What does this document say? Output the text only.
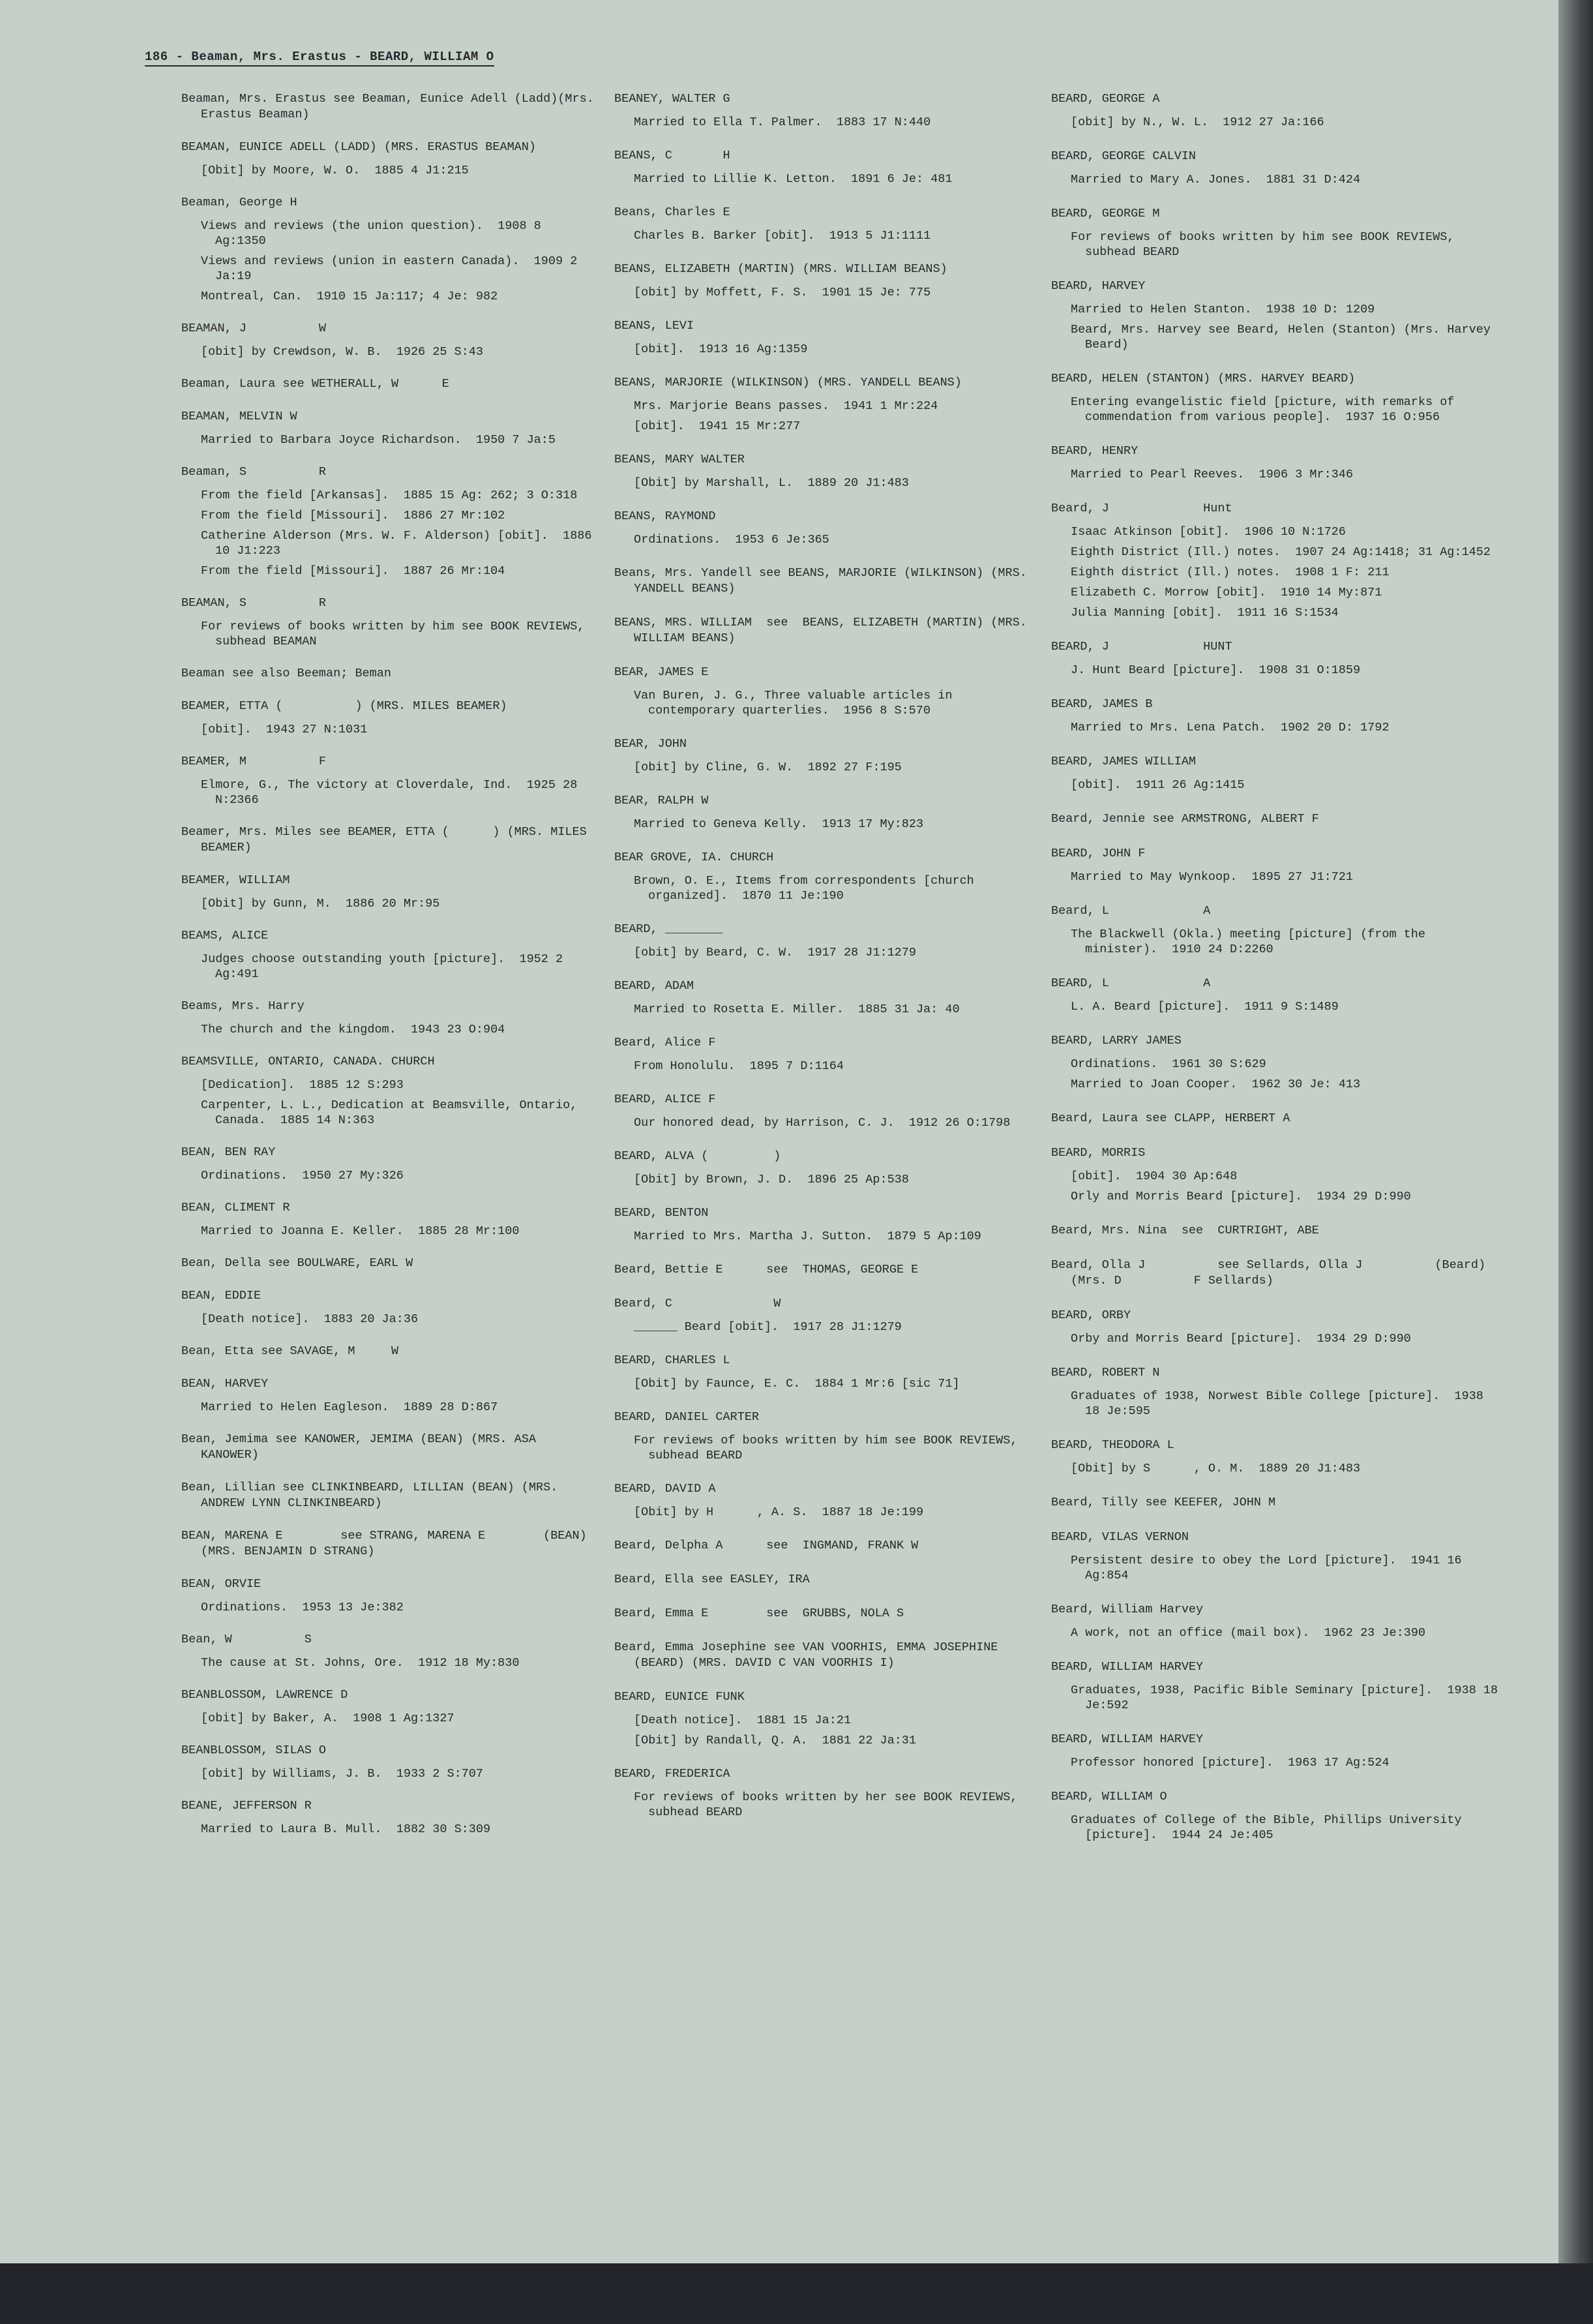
186 - Beaman, Mrs. Erastus - BEARD, WILLIAM O
Beaman, Mrs. Erastus see Beaman, Eunice Adell (Ladd)(Mrs. Erastus Beaman)
BEAMAN, EUNICE ADELL (LADD) (MRS. ERASTUS BEAMAN)
[Obit] by Moore, W. O.  1885 4 J1:215
Beaman, George H
Views and reviews (the union question).  1908 8 Ag:1350
Views and reviews (union in eastern Canada).  1909 2 Ja:19
Montreal, Can.  1910 15 Ja:117; 4 Je: 982
BEAMAN, J          W
[obit] by Crewdson, W. B.  1926 25 S:43
Beaman, Laura see WETHERALL, W      E
BEAMAN, MELVIN W
Married to Barbara Joyce Richardson.  1950 7 Ja:5
Beaman, S          R
From the field [Arkansas].  1885 15 Ag: 262; 3 O:318
From the field [Missouri].  1886 27 Mr:102
Catherine Alderson (Mrs. W. F. Alderson) [obit].  1886 10 J1:223
From the field [Missouri].  1887 26 Mr:104
BEAMAN, S          R
For reviews of books written by him see BOOK REVIEWS, subhead BEAMAN
Beaman see also Beeman; Beman
BEAMER, ETTA (          ) (MRS. MILES BEAMER)
[obit].  1943 27 N:1031
BEAMER, M          F
Elmore, G., The victory at Cloverdale, Ind.  1925 28 N:2366
Beamer, Mrs. Miles see BEAMER, ETTA (      ) (MRS. MILES BEAMER)
BEAMER, WILLIAM
[Obit] by Gunn, M.  1886 20 Mr:95
BEAMS, ALICE
Judges choose outstanding youth [picture].  1952 2 Ag:491
Beams, Mrs. Harry
The church and the kingdom.  1943 23 O:904
BEAMSVILLE, ONTARIO, CANADA. CHURCH
[Dedication].  1885 12 S:293
Carpenter, L. L., Dedication at Beamsville, Ontario, Canada.  1885 14 N:363
BEAN, BEN RAY
Ordinations.  1950 27 My:326
BEAN, CLIMENT R
Married to Joanna E. Keller.  1885 28 Mr:100
Bean, Della see BOULWARE, EARL W
BEAN, EDDIE
[Death notice].  1883 20 Ja:36
Bean, Etta see SAVAGE, M     W
BEAN, HARVEY
Married to Helen Eagleson.  1889 28 D:867
Bean, Jemima see KANOWER, JEMIMA (BEAN) (MRS. ASA KANOWER)
Bean, Lillian see CLINKINBEARD, LILLIAN (BEAN) (MRS. ANDREW LYNN CLINKINBEARD)
BEAN, MARENA E        see STRANG, MARENA E        (BEAN) (MRS. BENJAMIN D STRANG)
BEAN, ORVIE
Ordinations.  1953 13 Je:382
Bean, W          S
The cause at St. Johns, Ore.  1912 18 My:830
BEANBLOSSOM, LAWRENCE D
[obit] by Baker, A.  1908 1 Ag:1327
BEANBLOSSOM, SILAS O
[obit] by Williams, J. B.  1933 2 S:707
BEANE, JEFFERSON R
Married to Laura B. Mull.  1882 30 S:309
BEANEY, WALTER G
Married to Ella T. Palmer.  1883 17 N:440
BEANS, C       H
Married to Lillie K. Letton.  1891 6 Je: 481
Beans, Charles E
Charles B. Barker [obit].  1913 5 J1:1111
BEANS, ELIZABETH (MARTIN) (MRS. WILLIAM BEANS)
[obit] by Moffett, F. S.  1901 15 Je: 775
BEANS, LEVI
[obit].  1913 16 Ag:1359
BEANS, MARJORIE (WILKINSON) (MRS. YANDELL BEANS)
Mrs. Marjorie Beans passes.  1941 1 Mr:224
[obit].  1941 15 Mr:277
BEANS, MARY WALTER
[Obit] by Marshall, L.  1889 20 J1:483
BEANS, RAYMOND
Ordinations.  1953 6 Je:365
Beans, Mrs. Yandell see BEANS, MARJORIE (WILKINSON) (MRS. YANDELL BEANS)
BEANS, MRS. WILLIAM  see  BEANS, ELIZABETH (MARTIN) (MRS. WILLIAM BEANS)
BEAR, JAMES E
Van Buren, J. G., Three valuable articles in contemporary quarterlies.  1956 8 S:570
BEAR, JOHN
[obit] by Cline, G. W.  1892 27 F:195
BEAR, RALPH W
Married to Geneva Kelly.  1913 17 My:823
BEAR GROVE, IA. CHURCH
Brown, O. E., Items from correspondents [church organized].  1870 11 Je:190
BEARD, ________
[obit] by Beard, C. W.  1917 28 J1:1279
BEARD, ADAM
Married to Rosetta E. Miller.  1885 31 Ja: 40
Beard, Alice F
From Honolulu.  1895 7 D:1164
BEARD, ALICE F
Our honored dead, by Harrison, C. J.  1912 26 O:1798
BEARD, ALVA (         )
[Obit] by Brown, J. D.  1896 25 Ap:538
BEARD, BENTON
Married to Mrs. Martha J. Sutton.  1879 5 Ap:109
Beard, Bettie E      see  THOMAS, GEORGE E
Beard, C              W
______ Beard [obit].  1917 28 J1:1279
BEARD, CHARLES L
[Obit] by Faunce, E. C.  1884 1 Mr:6 [sic 71]
BEARD, DANIEL CARTER
For reviews of books written by him see BOOK REVIEWS, subhead BEARD
BEARD, DAVID A
[Obit] by H      , A. S.  1887 18 Je:199
Beard, Delpha A      see  INGMAND, FRANK W
Beard, Ella see EASLEY, IRA
Beard, Emma E        see  GRUBBS, NOLA S
Beard, Emma Josephine see VAN VOORHIS, EMMA JOSEPHINE (BEARD) (MRS. DAVID C VAN VOORHIS I)
BEARD, EUNICE FUNK
[Death notice].  1881 15 Ja:21
[Obit] by Randall, Q. A.  1881 22 Ja:31
BEARD, FREDERICA
For reviews of books written by her see BOOK REVIEWS, subhead BEARD
BEARD, GEORGE A
[obit] by N., W. L.  1912 27 Ja:166
BEARD, GEORGE CALVIN
Married to Mary A. Jones.  1881 31 D:424
BEARD, GEORGE M
For reviews of books written by him see BOOK REVIEWS, subhead BEARD
BEARD, HARVEY
Married to Helen Stanton.  1938 10 D: 1209
Beard, Mrs. Harvey see Beard, Helen (Stanton) (Mrs. Harvey Beard)
BEARD, HELEN (STANTON) (MRS. HARVEY BEARD)
Entering evangelistic field [picture, with remarks of commendation from various people].  1937 16 O:956
BEARD, HENRY
Married to Pearl Reeves.  1906 3 Mr:346
Beard, J             Hunt
Isaac Atkinson [obit].  1906 10 N:1726
Eighth District (Ill.) notes.  1907 24 Ag:1418; 31 Ag:1452
Eighth district (Ill.) notes.  1908 1 F: 211
Elizabeth C. Morrow [obit].  1910 14 My:871
Julia Manning [obit].  1911 16 S:1534
BEARD, J             HUNT
J. Hunt Beard [picture].  1908 31 O:1859
BEARD, JAMES B
Married to Mrs. Lena Patch.  1902 20 D: 1792
BEARD, JAMES WILLIAM
[obit].  1911 26 Ag:1415
Beard, Jennie see ARMSTRONG, ALBERT F
BEARD, JOHN F
Married to May Wynkoop.  1895 27 J1:721
Beard, L             A
The Blackwell (Okla.) meeting [picture] (from the minister).  1910 24 D:2260
BEARD, L             A
L. A. Beard [picture].  1911 9 S:1489
BEARD, LARRY JAMES
Ordinations.  1961 30 S:629
Married to Joan Cooper.  1962 30 Je: 413
Beard, Laura see CLAPP, HERBERT A
BEARD, MORRIS
[obit].  1904 30 Ap:648
Orly and Morris Beard [picture].  1934 29 D:990
Beard, Mrs. Nina  see  CURTRIGHT, ABE
Beard, Olla J          see Sellards, Olla J          (Beard) (Mrs. D          F Sellards)
BEARD, ORBY
Orby and Morris Beard [picture].  1934 29 D:990
BEARD, ROBERT N
Graduates of 1938, Norwest Bible College [picture].  1938 18 Je:595
BEARD, THEODORA L
[Obit] by S      , O. M.  1889 20 J1:483
Beard, Tilly see KEEFER, JOHN M
BEARD, VILAS VERNON
Persistent desire to obey the Lord [picture].  1941 16 Ag:854
Beard, William Harvey
A work, not an office (mail box).  1962 23 Je:390
BEARD, WILLIAM HARVEY
Graduates, 1938, Pacific Bible Seminary [picture].  1938 18 Je:592
BEARD, WILLIAM HARVEY
Professor honored [picture].  1963 17 Ag:524
BEARD, WILLIAM O
Graduates of College of the Bible, Phillips University [picture].  1944 24 Je:405
